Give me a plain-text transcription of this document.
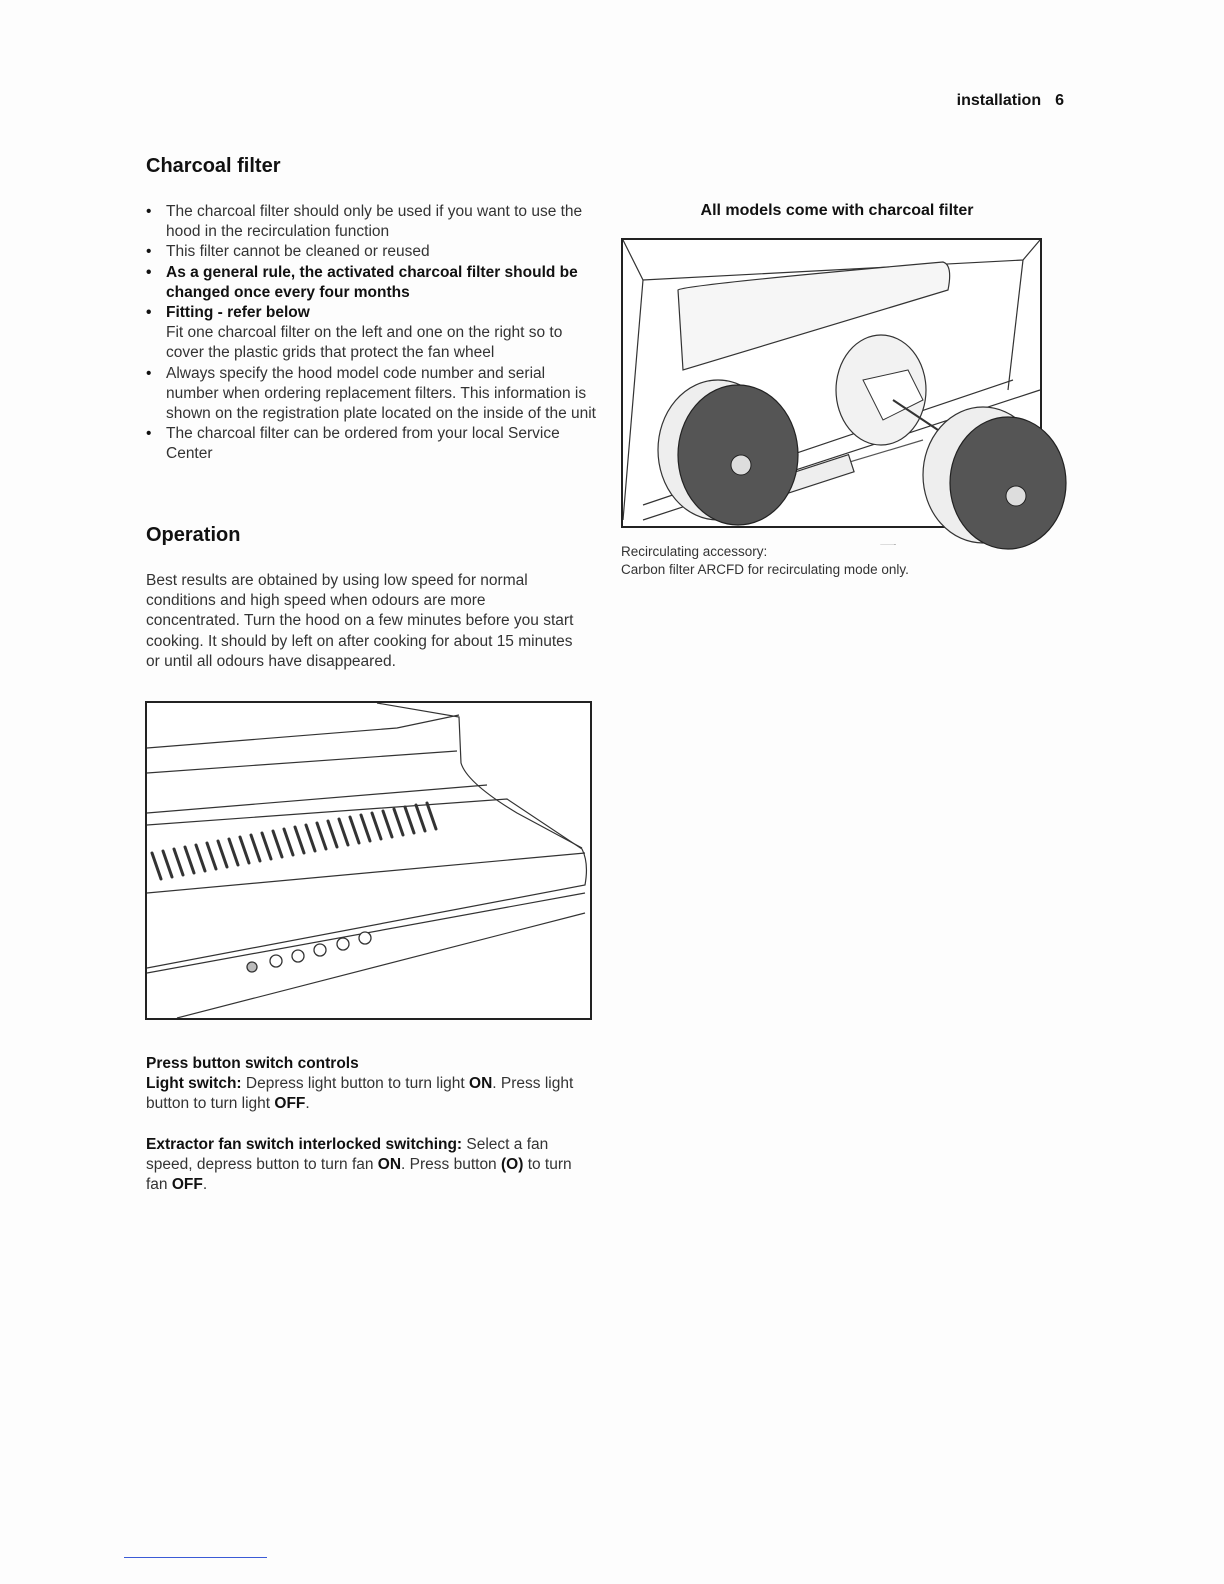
installation 6
Charcoal filter
• The charcoal filter should only be used if you want to use the hood in the recirculation function
• This filter cannot be cleaned or reused
• As a general rule, the activated charcoal filter should be changed once every four months
• Fitting - refer below
Fit one charcoal filter on the left and one on the right so to cover the plastic grids that protect the fan wheel
• Always specify the hood model code number and serial number when ordering replacement filters. This information is shown on the registration plate located on the inside of the unit
• The charcoal filter can be ordered from your local Service Center
Operation

Best results are obtained by using low speed for normal conditions and high speed when odours are more concentrated. Turn the hood on a few minutes before you start cooking. It should by left on after cooking for about 15 minutes or until all odours have disappeared.

Press button switch controls

Light switch: Depress light button to turn light ON. Press light button to turn light OFF.

Extractor fan switch interlocked switching: Select a fan speed, depress button to turn fan ON. Press button (O) to turn fan OFF.

All models come with charcoal filter
Recirculating accessory:
Carbon filter ARCFD for recirculating mode only.
